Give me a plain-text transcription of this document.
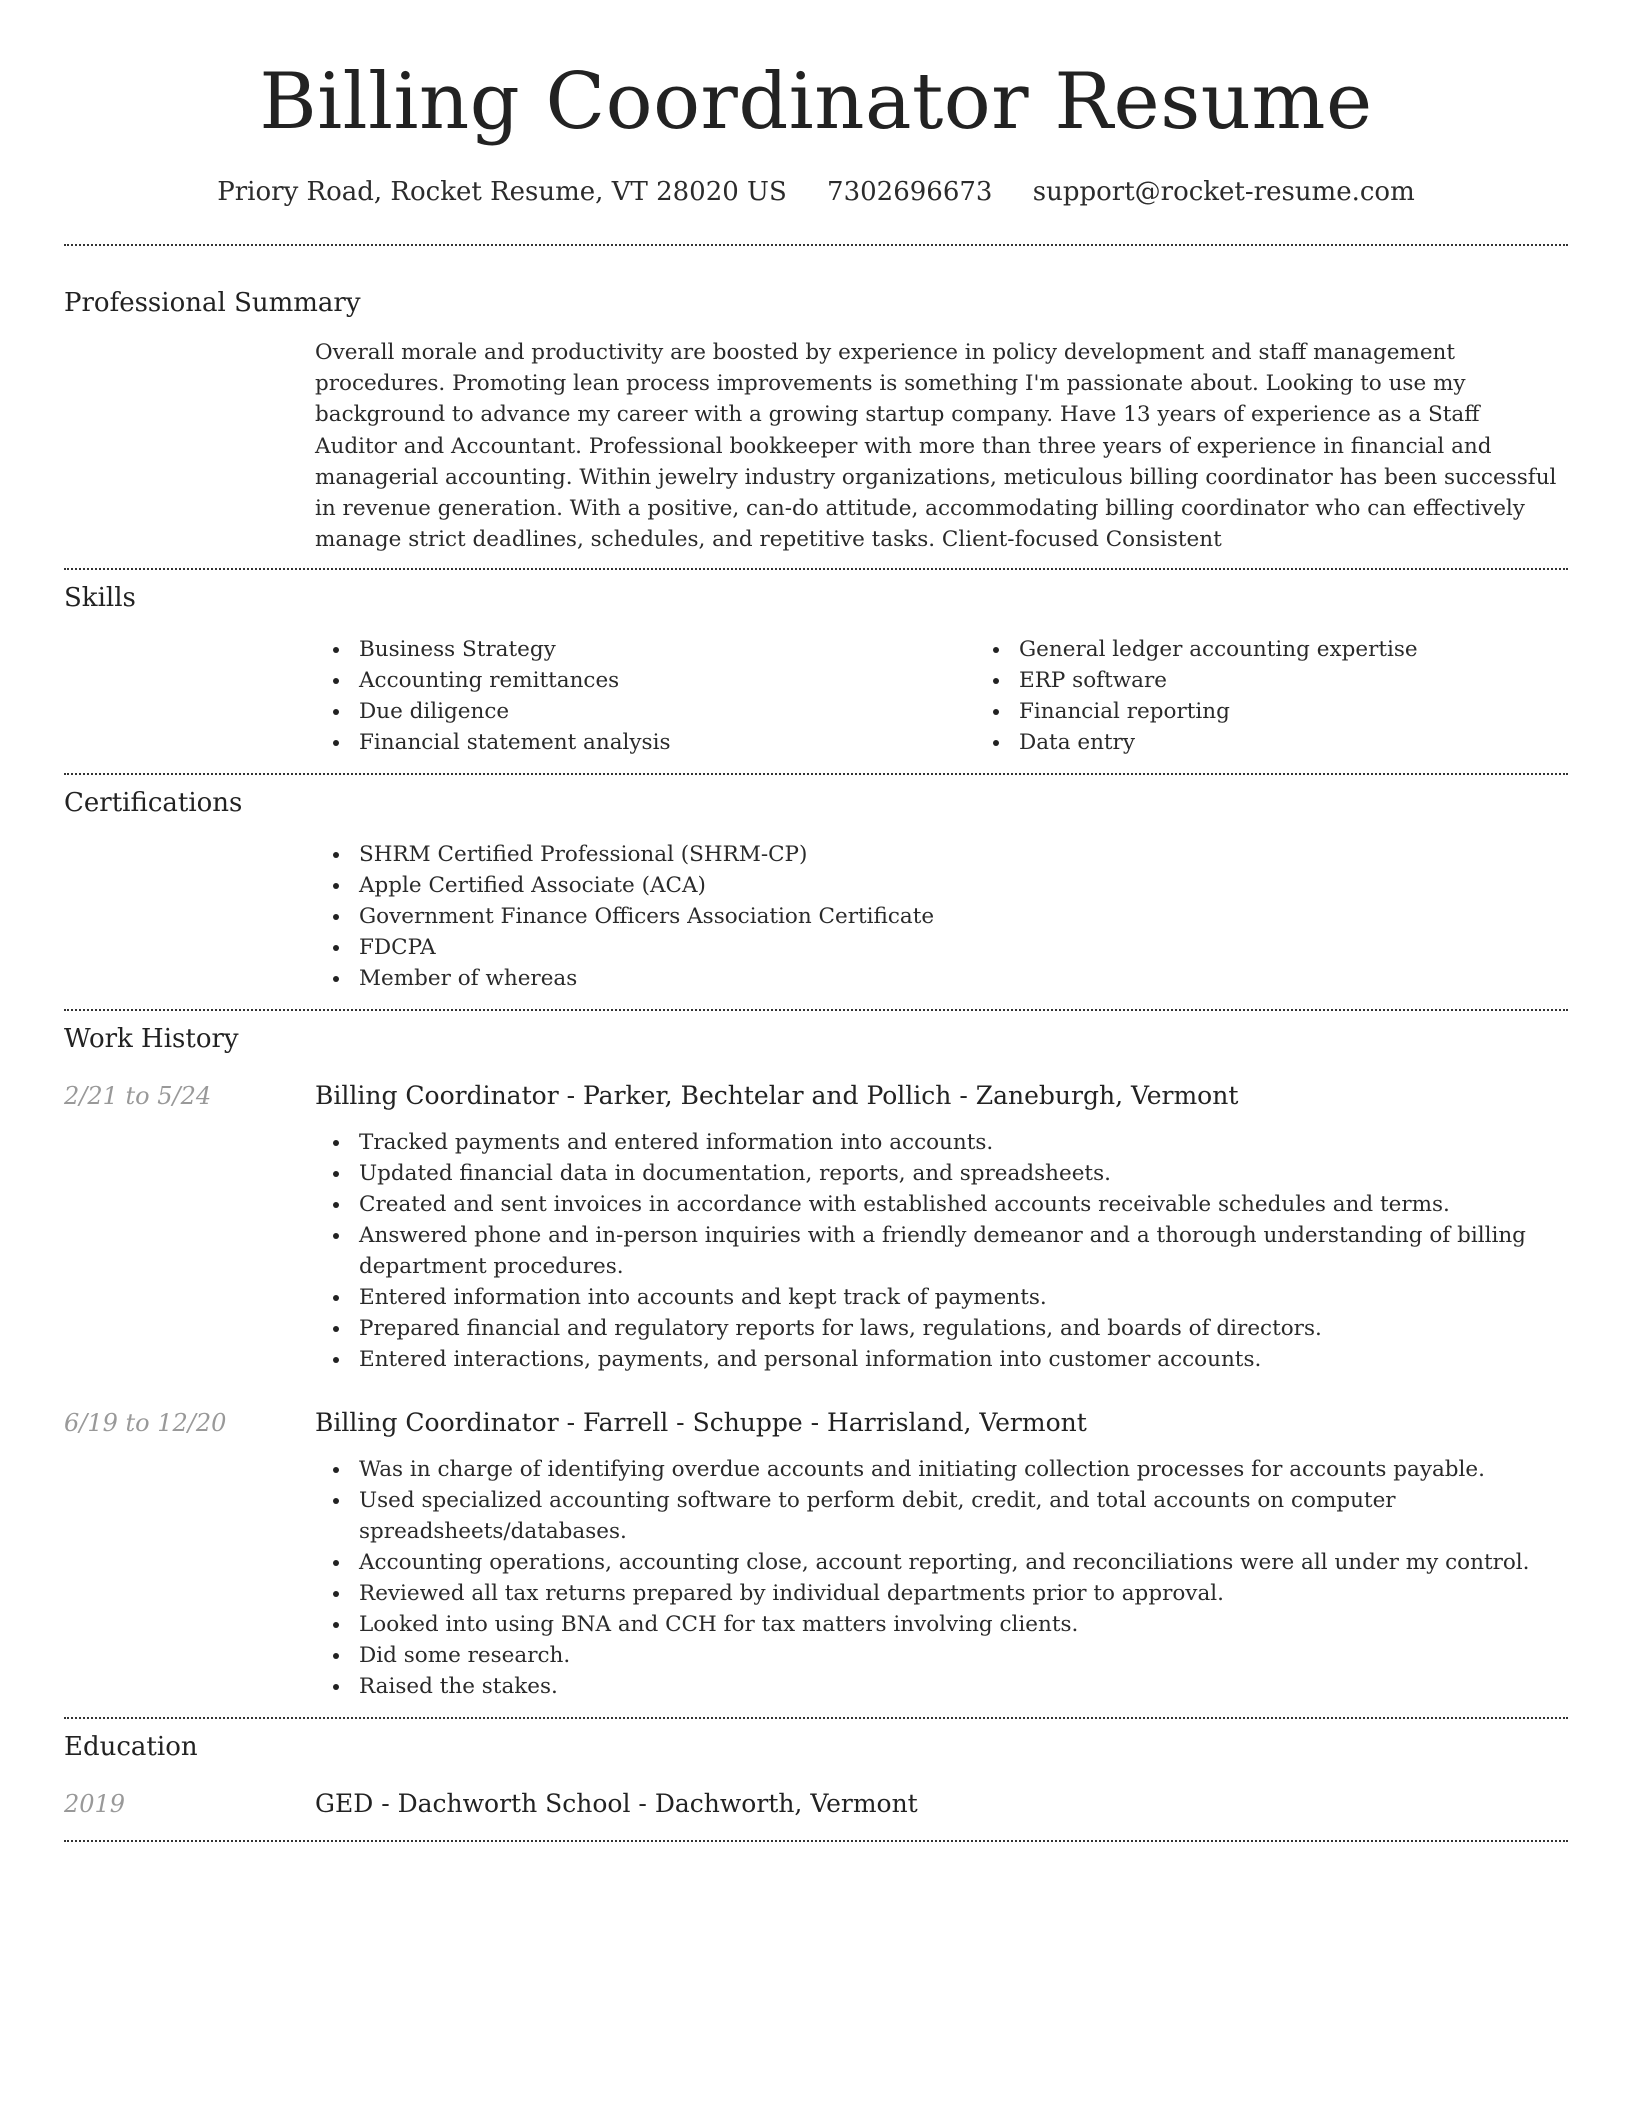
Billing Coordinator Resume
Priory Road, Rocket Resume, VT 28020 US 7302696673 support@rocket-resume.com
Professional Summary

Overall morale and productivity are boosted by experience in policy development and staff management procedures. Promoting lean process improvements is something I'm passionate about. Looking to use my background to advance my career with a growing startup company. Have 13 years of experience as a Staff Auditor and Accountant. Professional bookkeeper with more than three years of experience in financial and managerial accounting. Within jewelry industry organizations, meticulous billing coordinator has been successful in revenue generation. With a positive, can-do attitude, accommodating billing coordinator who can effectively manage strict deadlines, schedules, and repetitive tasks. Client-focused Consistent

Skills
Business Strategy
Accounting remittances
Due diligence
Financial statement analysis
General ledger accounting expertise
ERP software
Financial reporting
Data entry
Certifications
SHRM Certified Professional (SHRM-CP)
Apple Certified Associate (ACA)
Government Finance Officers Association Certificate
FDCPA
Member of whereas
Work History
2/21 to 5/24	Billing Coordinator - Parker, Bechtelar and Pollich - Zaneburgh, Vermont
Tracked payments and entered information into accounts.
Updated financial data in documentation, reports, and spreadsheets.
Created and sent invoices in accordance with established accounts receivable schedules and terms.
Answered phone and in-person inquiries with a friendly demeanor and a thorough understanding of billing department procedures.
Entered information into accounts and kept track of payments.
Prepared financial and regulatory reports for laws, regulations, and boards of directors.
Entered interactions, payments, and personal information into customer accounts.
6/19 to 12/20	Billing Coordinator - Farrell - Schuppe - Harrisland, Vermont
Was in charge of identifying overdue accounts and initiating collection processes for accounts payable.
Used specialized accounting software to perform debit, credit, and total accounts on computer spreadsheets/databases.
Accounting operations, accounting close, account reporting, and reconciliations were all under my control.
Reviewed all tax returns prepared by individual departments prior to approval.
Looked into using BNA and CCH for tax matters involving clients.
Did some research.
Raised the stakes.
Education
2019	GED - Dachworth School - Dachworth, Vermont
